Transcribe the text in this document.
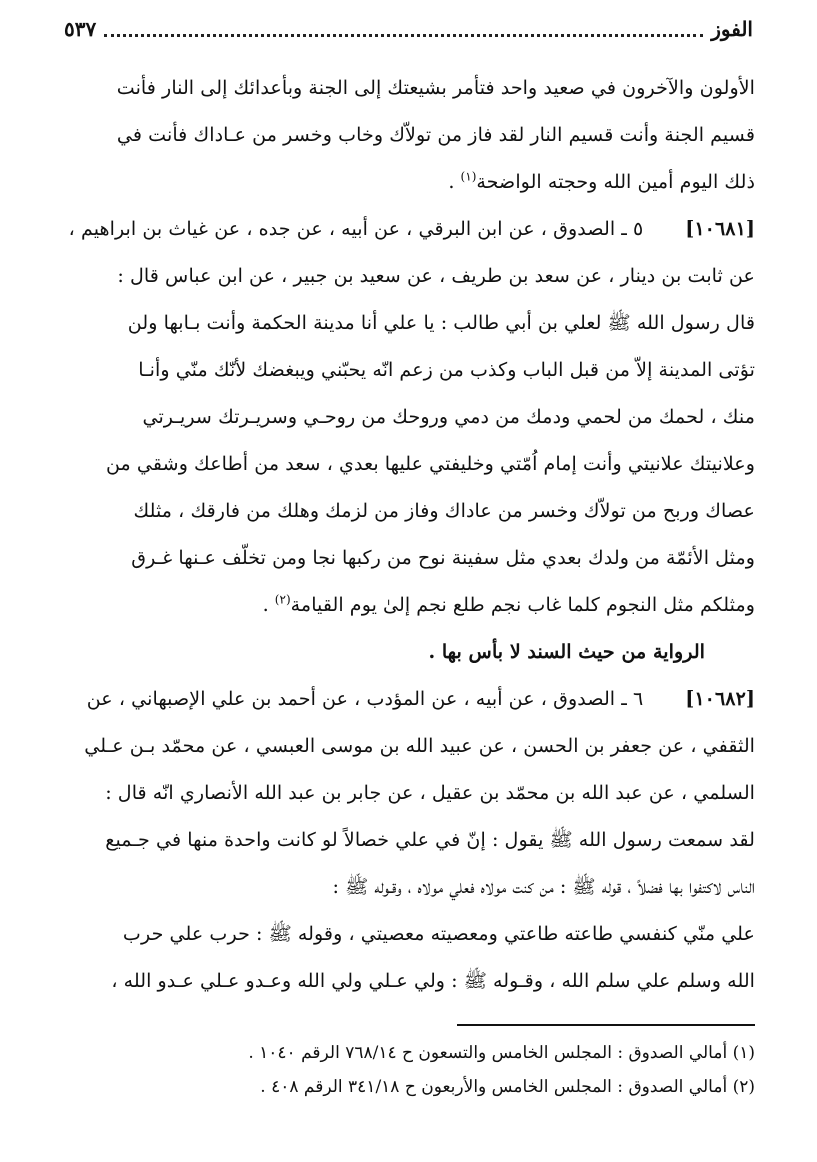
الفوز
٥٣٧

الأولون والآخرون في صعيد واحد فتأمر بشيعتك إلى الجنة وبأعدائك إلى النار فأنت

قسيم الجنة وأنت قسيم النار لقد فاز من تولاّك وخاب وخسر من عـاداك فأنت في

ذلك اليوم أمين الله وحجته الواضحة$^{(١)}$ .

[١٠٦٨١]
٥ ـ الصدوق ، عن ابن البرقي ، عن أبيه ، عن جده ، عن غياث بن ابراهيم ،

عن ثابت بن دينار ، عن سعد بن طريف ، عن سعيد بن جبير ، عن ابن عباس قال :

قال رسول الله ﷺ لعلي بن أبي طالب : يا علي أنا مدينة الحكمة وأنت بـابها ولن

تؤتى المدينة إلاّ من قبل الباب وكذب من زعم انّه يحبّني ويبغضك لأنّك منّي وأنـا

منك ، لحمك من لحمي ودمك من دمي وروحك من روحـي وسريـرتك سريـرتي

وعلانيتك علانيتي وأنت إمام اُمّتي وخليفتي عليها بعدي ، سعد من أطاعك وشقي من

عصاك وربح من تولاّك وخسر من عاداك وفاز من لزمك وهلك من فارقك ، مثلك

ومثل الأئمّة من ولدك بعدي مثل سفينة نوح من ركبها نجا ومن تخلّف عـنها غـرق

ومثلكم مثل النجوم كلما غاب نجم طلع نجم إلىٰ يوم القيامة$^{(٢)}$ .

الرواية من حيث السند لا بأس بها .

[١٠٦٨٢]
٦ ـ الصدوق ، عن أبيه ، عن المؤدب ، عن أحمد بن علي الإصبهاني ، عن

الثقفي ، عن جعفر بن الحسن ، عن عبيد الله بن موسى العبسي ، عن محمّد بـن عـلي

السلمي ، عن عبد الله بن محمّد بن عقيل ، عن جابر بن عبد الله الأنصاري انّه قال :

لقد سمعت رسول الله ﷺ يقول : إنّ في علي خصالاً لو كانت واحدة منها في جـميع

الناس لاكتفوا بها فضلاً ، قوله ﷺ : من كنت مولاه فعلي مولاه ، وقـوله ﷺ :

علي منّي كنفسي طاعته طاعتي ومعصيته معصيتي ، وقوله ﷺ : حرب علي حرب

الله وسلم علي سلم الله ، وقـوله ﷺ : ولي عـلي ولي الله وعـدو عـلي عـدو الله ،

(١) أمالي الصدوق : المجلس الخامس والتسعون ح ٧٦٨/١٤ الرقم ١٠٤٠ .

(٢) أمالي الصدوق : المجلس الخامس والأربعون ح ٣٤١/١٨ الرقم ٤٠٨ .
